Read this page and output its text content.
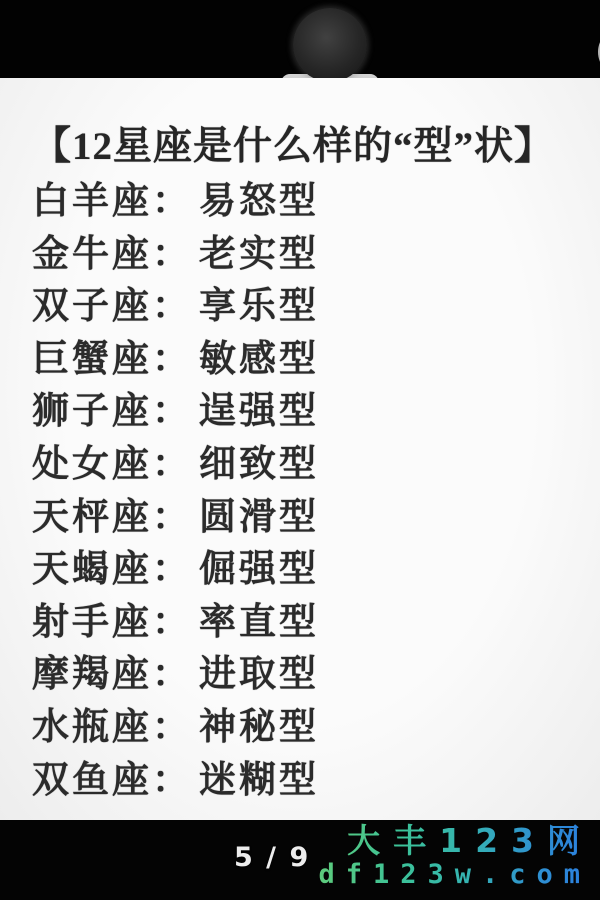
【12星座是什么样的“型”状】
白羊座： 易怒型
金牛座： 老实型
双子座： 享乐型
巨蟹座： 敏感型
狮子座： 逞强型
处女座： 细致型
天枰座： 圆滑型
天蝎座： 倔强型
射手座： 率直型
摩羯座： 进取型
水瓶座： 神秘型
双鱼座： 迷糊型
5 / 9	大丰123网
df123w.com
